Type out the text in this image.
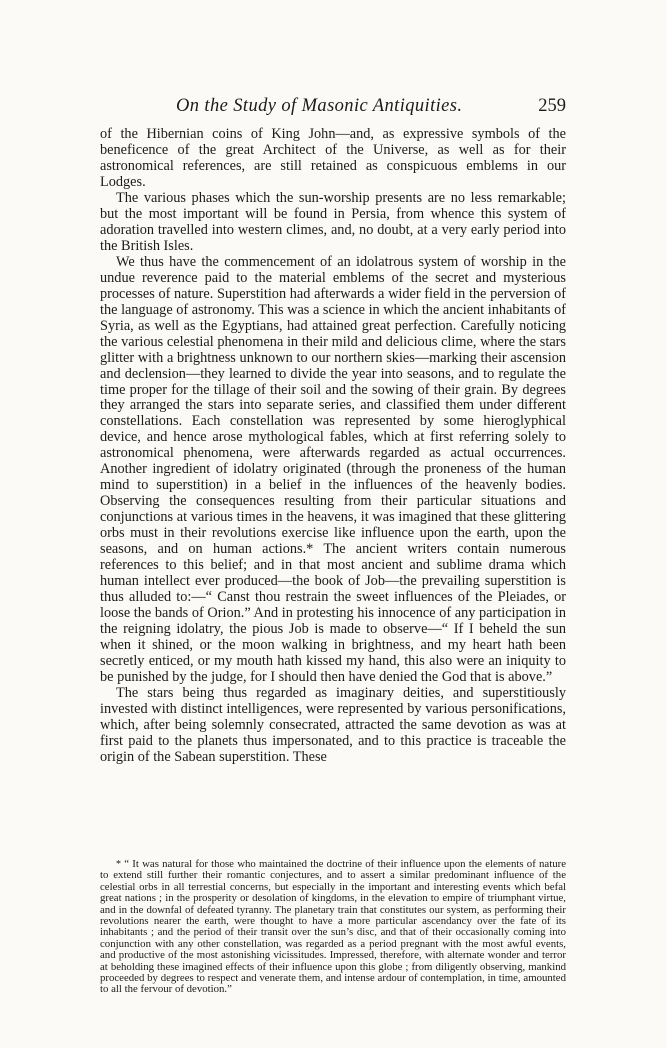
On the Study of Masonic Antiquities.	259

of the Hibernian coins of King John—and, as expressive symbols of the beneficence of the great Architect of the Universe, as well as for their astronomical references, are still retained as conspicuous emblems in our Lodges.

The various phases which the sun-worship presents are no less remarkable; but the most important will be found in Persia, from whence this system of adoration travelled into western climes, and, no doubt, at a very early period into the British Isles.

We thus have the commencement of an idolatrous system of worship in the undue reverence paid to the material emblems of the secret and mysterious processes of nature. Superstition had afterwards a wider field in the perversion of the language of astronomy. This was a science in which the ancient inhabitants of Syria, as well as the Egyptians, had attained great perfection. Carefully noticing the various celestial phenomena in their mild and delicious clime, where the stars glitter with a brightness unknown to our northern skies—marking their ascension and declension—they learned to divide the year into seasons, and to regulate the time proper for the tillage of their soil and the sowing of their grain. By degrees they arranged the stars into separate series, and classified them under different constellations. Each constellation was represented by some hieroglyphical device, and hence arose mythological fables, which at first referring solely to astronomical phenomena, were afterwards regarded as actual occurrences. Another ingredient of idolatry originated (through the proneness of the human mind to superstition) in a belief in the influences of the heavenly bodies. Observing the consequences resulting from their particular situations and conjunctions at various times in the heavens, it was imagined that these glittering orbs must in their revolutions exercise like influence upon the earth, upon the seasons, and on human actions.* The ancient writers contain numerous references to this belief; and in that most ancient and sublime drama which human intellect ever produced—the book of Job—the prevailing superstition is thus alluded to:—“ Canst thou restrain the sweet influences of the Pleiades, or loose the bands of Orion.” And in protesting his innocence of any participation in the reigning idolatry, the pious Job is made to observe—“ If I beheld the sun when it shined, or the moon walking in brightness, and my heart hath been secretly enticed, or my mouth hath kissed my hand, this also were an iniquity to be punished by the judge, for I should then have denied the God that is above.”

The stars being thus regarded as imaginary deities, and superstitiously invested with distinct intelligences, were represented by various personifications, which, after being solemnly consecrated, attracted the same devotion as was at first paid to the planets thus impersonated, and to this practice is traceable the origin of the Sabean superstition. These

* “ It was natural for those who maintained the doctrine of their influence upon the elements of nature to extend still further their romantic conjectures, and to assert a similar predominant influence of the celestial orbs in all terrestial concerns, but especially in the important and interesting events which befal great nations ; in the prosperity or desolation of kingdoms, in the elevation to empire of triumphant virtue, and in the downfal of defeated tyranny. The planetary train that constitutes our system, as performing their revolutions nearer the earth, were thought to have a more particular ascendancy over the fate of its inhabitants ; and the period of their transit over the sun’s disc, and that of their occasionally coming into conjunction with any other constellation, was regarded as a period pregnant with the most awful events, and productive of the most astonishing vicissitudes. Impressed, therefore, with alternate wonder and terror at beholding these imagined effects of their influence upon this globe ; from diligently observing, mankind proceeded by degrees to respect and venerate them, and intense ardour of contemplation, in time, amounted to all the fervour of devotion.”
